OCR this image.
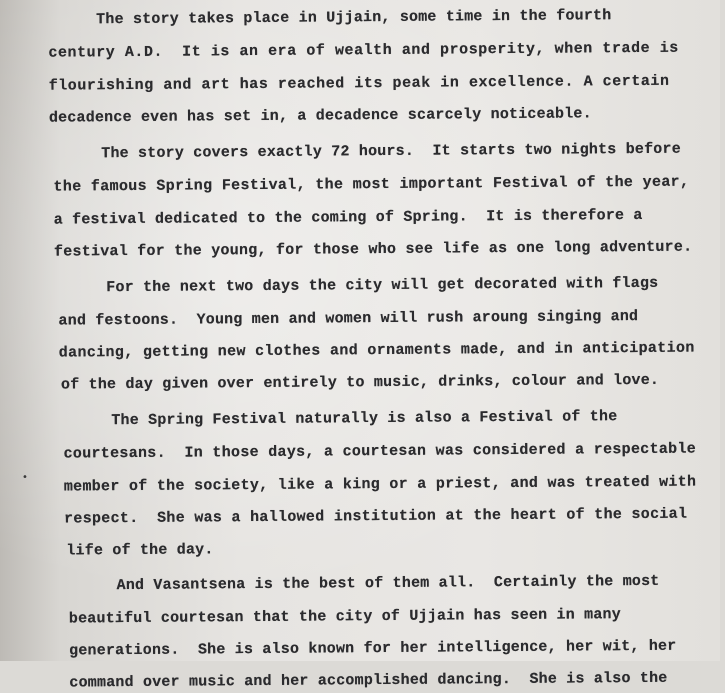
The story takes place in Ujjain, some time in the fourth
century A.D.  It is an era of wealth and prosperity, when trade is
flourishing and art has reached its peak in excellence. A certain
decadence even has set in, a decadence scarcely noticeable.
The story covers exactly 72 hours.  It starts two nights before
the famous Spring Festival, the most important Festival of the year,
a festival dedicated to the coming of Spring.  It is therefore a
festival for the young, for those who see life as one long adventure.
For the next two days the city will get decorated with flags
and festoons.  Young men and women will rush aroung singing and
dancing, getting new clothes and ornaments made, and in anticipation
of the day given over entirely to music, drinks, colour and love.
The Spring Festival naturally is also a Festival of the
courtesans.  In those days, a courtesan was considered a respectable
member of the society, like a king or a priest, and was treated with
respect.  She was a hallowed institution at the heart of the social
life of the day.
And Vasantsena is the best of them all.  Certainly the most
beautiful courtesan that the city of Ujjain has seen in many
generations.  She is also known for her intelligence, her wit, her
command over music and her accomplished dancing.  She is also the
•
